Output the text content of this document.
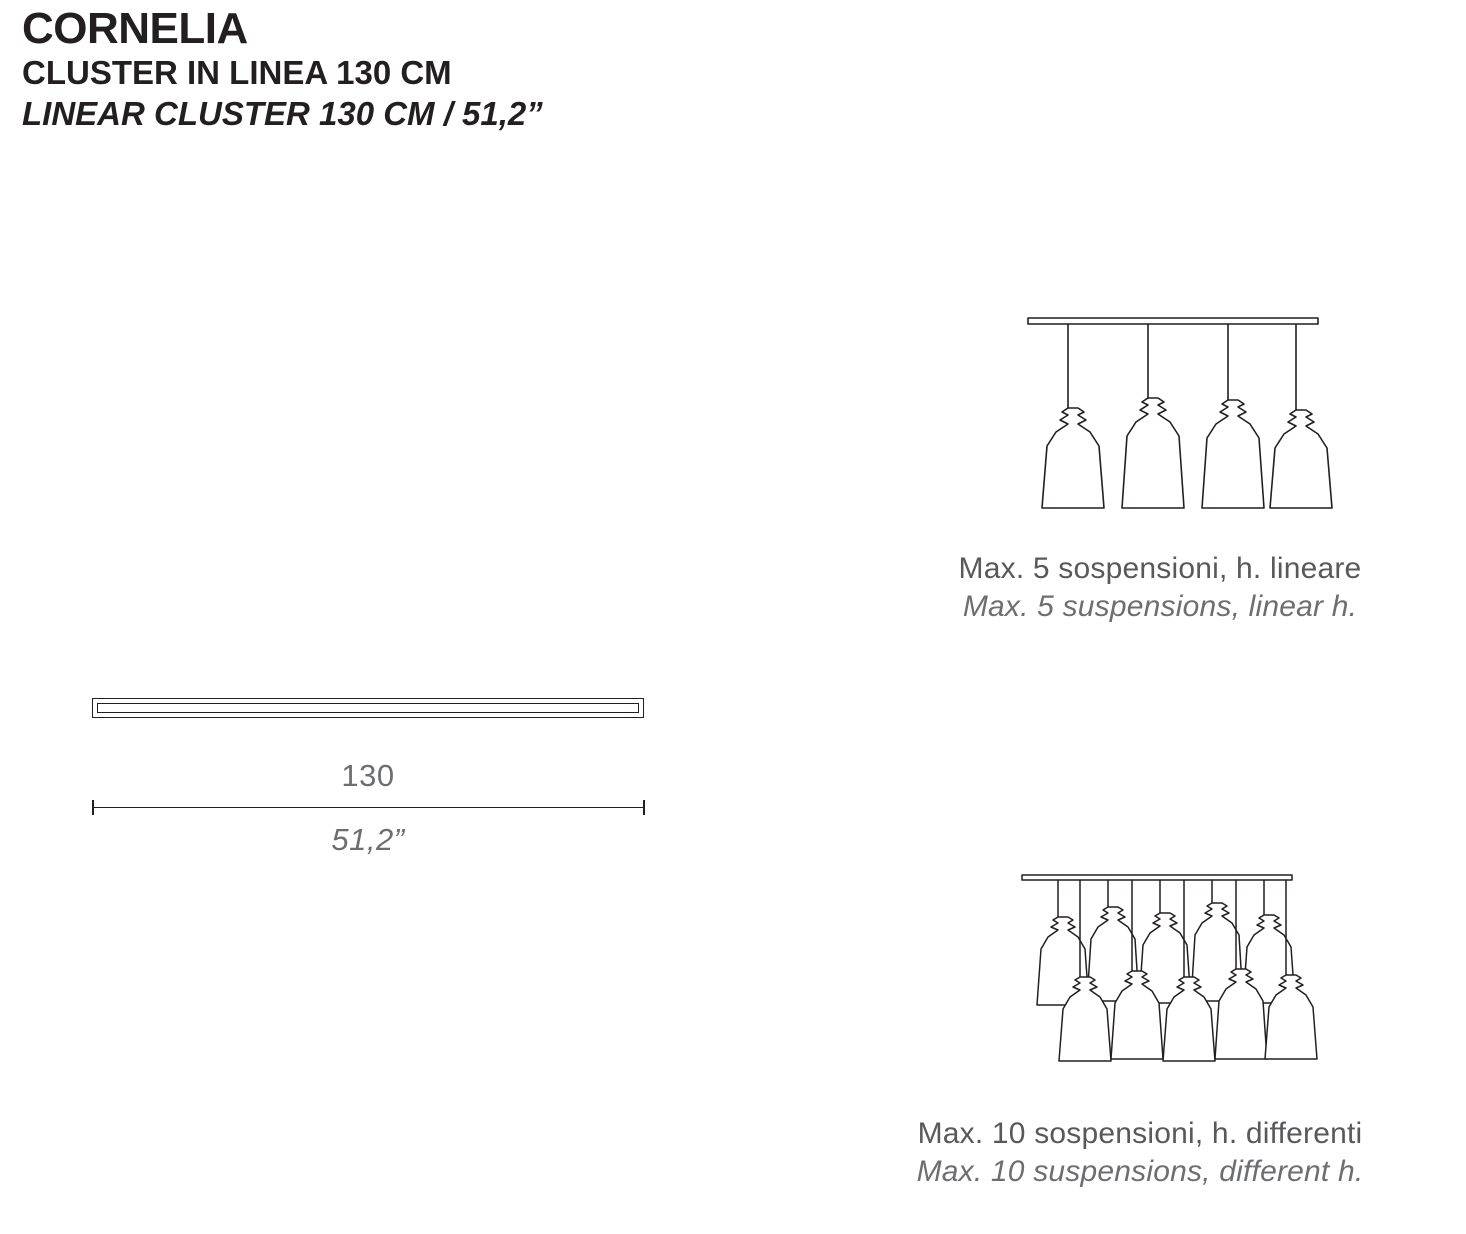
CORNELIA
CLUSTER IN LINEA 130 CM
LINEAR CLUSTER 130 CM / 51,2”
130
51,2”
Max. 5 sospensioni, h. lineare
Max. 5 suspensions, linear h.
Max. 10 sospensioni, h. differenti
Max. 10 suspensions, different h.
